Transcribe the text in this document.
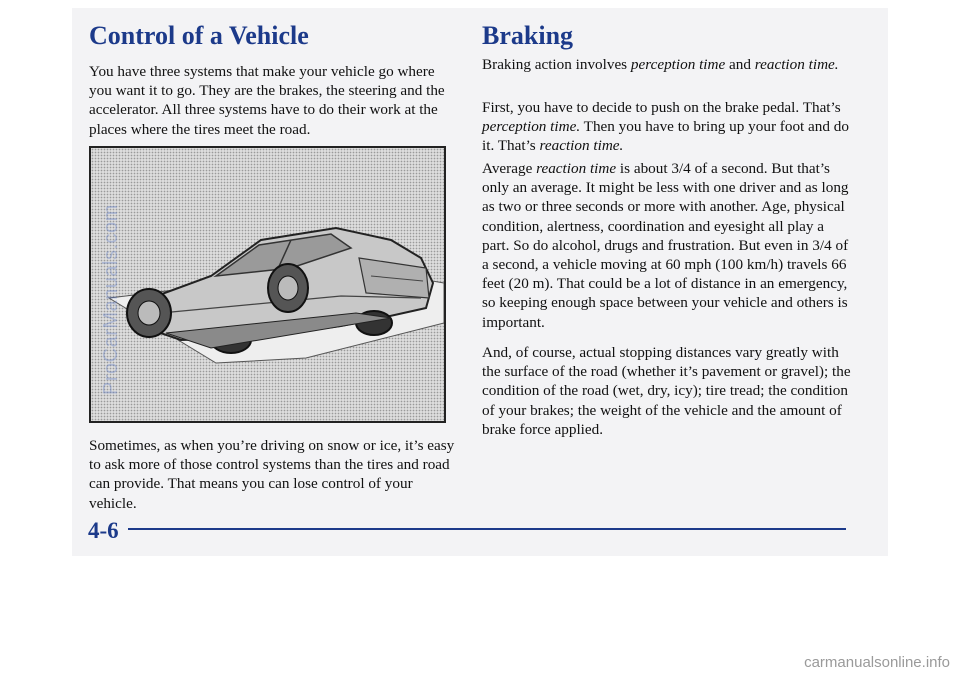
Control of a Vehicle

You have three systems that make your vehicle go where you want it to go. They are the brakes, the steering and the accelerator. All three systems have to do their work at the places where the tires meet the road.

ProCarManuals.com

Sometimes, as when you’re driving on snow or ice, it’s easy to ask more of those control systems than the tires and road can provide. That means you can lose control of your vehicle.

Braking

Braking action involves perception time and reaction time.

First, you have to decide to push on the brake pedal. That’s perception time. Then you have to bring up your foot and do it. That’s reaction time.

Average reaction time is about 3/4 of a second. But that’s only an average. It might be less with one driver and as long as two or three seconds or more with another. Age, physical condition, alertness, coordination and eyesight all play a part. So do alcohol, drugs and frustration. But even in 3/4 of a second, a vehicle moving at 60 mph (100 km/h) travels 66 feet (20 m). That could be a lot of distance in an emergency, so keeping enough space between your vehicle and others is important.

And, of course, actual stopping distances vary greatly with the surface of the road (whether it’s pavement or gravel); the condition of the road (wet, dry, icy); tire tread; the condition of your brakes; the weight of the vehicle and the amount of brake force applied.

4-6
carmanualsonline.info
